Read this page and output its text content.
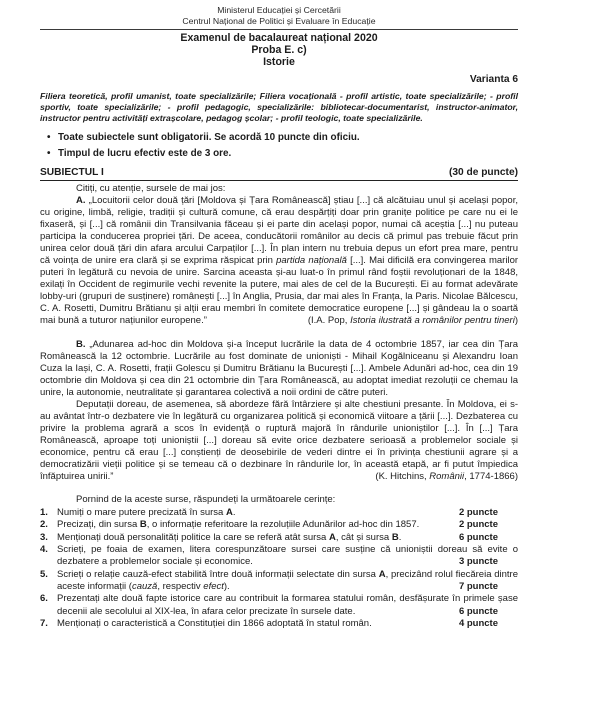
Ministerul Educației și Cercetării
Centrul Național de Politici și Evaluare în Educație
Examenul de bacalaureat național 2020
Proba E. c)
Istorie
Varianta 6
Filiera teoretică, profil umanist, toate specializările; Filiera vocațională - profil artistic, toate specializările; - profil sportiv, toate specializările; - profil pedagogic, specializările: bibliotecar-documentarist, instructor-animator, instructor pentru activități extrașcolare, pedagog școlar; - profil teologic, toate specializările.
• Toate subiectele sunt obligatorii. Se acordă 10 puncte din oficiu.
• Timpul de lucru efectiv este de 3 ore.
SUBIECTUL I	(30 de puncte)

Citiți, cu atenție, sursele de mai jos:

A. „Locuitorii celor două țări [Moldova și Țara Românească] știau [...] că alcătuiau unul și același popor, cu origine, limbă, religie, tradiții și cultură comune, că erau despărțiți doar prin granițe politice pe care nu ei le fixaseră, și [...] că românii din Transilvania făceau și ei parte din același popor, numai că aceștia [...] nu puteau participa la conducerea propriei țări. De aceea, conducătorii românilor au decis că primul pas trebuie făcut prin unirea celor două țări din afara arcului Carpaților [...]. În plan intern nu trebuia depus un efort prea mare, pentru că voința de unire era clară și se exprima răspicat prin partida națională [...]. Mai dificilă era convingerea marilor puteri în legătură cu nevoia de unire. Sarcina aceasta și-au luat-o în primul rând foștii revoluționari de la 1848, exilați în Occident de regimurile vechi revenite la putere, mai ales de cel de la București. Ei au format adevărate lobby-uri (grupuri de susținere) românești [...] în Anglia, Prusia, dar mai ales în Franța, la Paris. Nicolae Bălcescu, C. A. Rosetti, Dumitru Brătianu și alții erau membri în comitete democratice europene [...] și gândeau la o soartă mai bună a tuturor națiunilor europene.”	(I.A. Pop, Istoria ilustrată a românilor pentru tineri)

B. „Adunarea ad-hoc din Moldova și-a început lucrările la data de 4 octombrie 1857, iar cea din Țara Românească la 12 octombrie. Lucrările au fost dominate de unioniști - Mihail Kogălniceanu și Alexandru Ioan Cuza la Iași, C. A. Rosetti, frații Golescu și Dumitru Brătianu la București [...]. Ambele Adunări ad-hoc, cea din 19 octombrie din Moldova și cea din 21 octombrie din Țara Românească, au adoptat imediat rezoluții ce chemau la unire, la autonomie, neutralitate și garantarea colectivă a noii ordini de către puteri.

Deputații doreau, de asemenea, să abordeze fără întârziere și alte chestiuni presante. În Moldova, ei s-au avântat într-o dezbatere vie în legătură cu organizarea politică și economică viitoare a țării [...]. Dezbaterea cu privire la problema agrară a scos în evidență o ruptură majoră în rândurile unioniștilor [...]. În [...] Țara Românească, aproape toți unioniștii [...] doreau să evite orice dezbatere serioasă a problemelor sociale și economice, pentru că erau [...] conștienți de deosebirile de vederi dintre ei în privința chestiunii agrare și a democratizării vieții politice și se temeau că o dezbinare în rândurile lor, în această etapă, ar fi putut împiedica înfăptuirea unirii.”	(K. Hitchins, Românii, 1774-1866)

Pornind de la aceste surse, răspundeți la următoarele cerințe:

1. Numiți o mare putere precizată în sursa A.	2 puncte
2. Precizați, din sursa B, o informație referitoare la rezoluțiile Adunărilor ad-hoc din 1857.	2 puncte
3. Menționați două personalități politice la care se referă atât sursa A, cât și sursa B.	6 puncte
4. Scrieți, pe foaia de examen, litera corespunzătoare sursei care susține că unioniștii doreau să evite o dezbatere a problemelor sociale și economice.	3 puncte
5. Scrieți o relație cauză-efect stabilită între două informații selectate din sursa A, precizând rolul fiecăreia dintre aceste informații (cauză, respectiv efect).	7 puncte
6. Prezentați alte două fapte istorice care au contribuit la formarea statului român, desfășurate în primele șase decenii ale secolului al XIX-lea, în afara celor precizate în sursele date.	6 puncte
7. Menționați o caracteristică a Constituției din 1866 adoptată în statul român.	4 puncte
